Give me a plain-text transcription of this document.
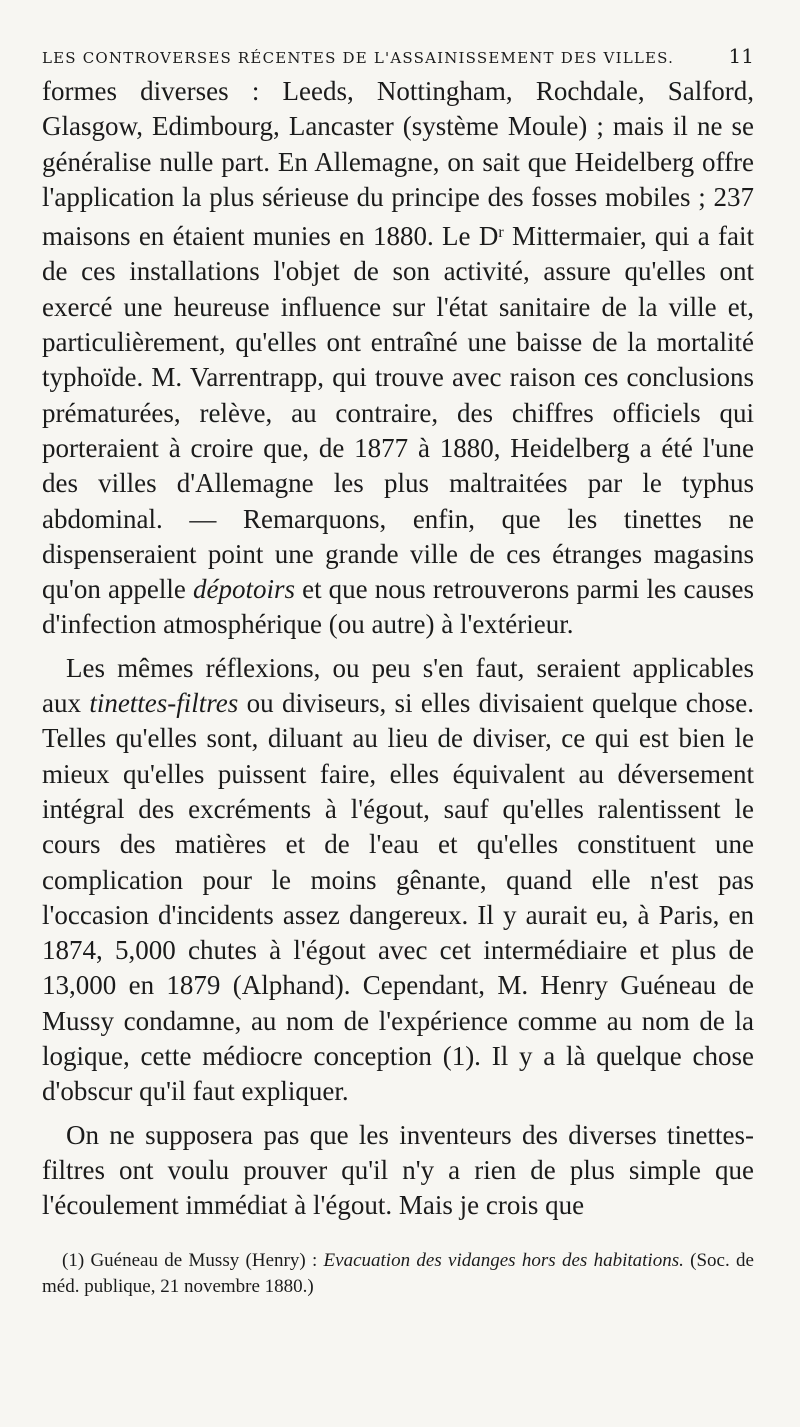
LES CONTROVERSES RÉCENTES DE L'ASSAINISSEMENT DES VILLES.	11

formes diverses : Leeds, Nottingham, Rochdale, Salford, Glasgow, Edimbourg, Lancaster (système Moule) ; mais il ne se généralise nulle part. En Allemagne, on sait que Heidelberg offre l'application la plus sérieuse du principe des fosses mobiles ; 237 maisons en étaient munies en 1880. Le $D^r$ Mittermaier, qui a fait de ces installations l'objet de son activité, assure qu'elles ont exercé une heureuse influence sur l'état sanitaire de la ville et, particulièrement, qu'elles ont entraîné une baisse de la mortalité typhoïde. M. Varrentrapp, qui trouve avec raison ces conclusions prématurées, relève, au contraire, des chiffres officiels qui porteraient à croire que, de 1877 à 1880, Heidelberg a été l'une des villes d'Allemagne les plus maltraitées par le typhus abdominal. — Remarquons, enfin, que les tinettes ne dispenseraient point une grande ville de ces étranges magasins qu'on appelle dépotoirs et que nous retrouverons parmi les causes d'infection atmosphérique (ou autre) à l'extérieur.

Les mêmes réflexions, ou peu s'en faut, seraient applicables aux tinettes-filtres ou diviseurs, si elles divisaient quelque chose. Telles qu'elles sont, diluant au lieu de diviser, ce qui est bien le mieux qu'elles puissent faire, elles équivalent au déversement intégral des excréments à l'égout, sauf qu'elles ralentissent le cours des matières et de l'eau et qu'elles constituent une complication pour le moins gênante, quand elle n'est pas l'occasion d'incidents assez dangereux. Il y aurait eu, à Paris, en 1874, 5,000 chutes à l'égout avec cet intermédiaire et plus de 13,000 en 1879 (Alphand). Cependant, M. Henry Guéneau de Mussy condamne, au nom de l'expérience comme au nom de la logique, cette médiocre conception (1). Il y a là quelque chose d'obscur qu'il faut expliquer.

On ne supposera pas que les inventeurs des diverses tinettes-filtres ont voulu prouver qu'il n'y a rien de plus simple que l'écoulement immédiat à l'égout. Mais je crois que

(1) Guéneau de Mussy (Henry) : Evacuation des vidanges hors des habitations. (Soc. de méd. publique, 21 novembre 1880.)
